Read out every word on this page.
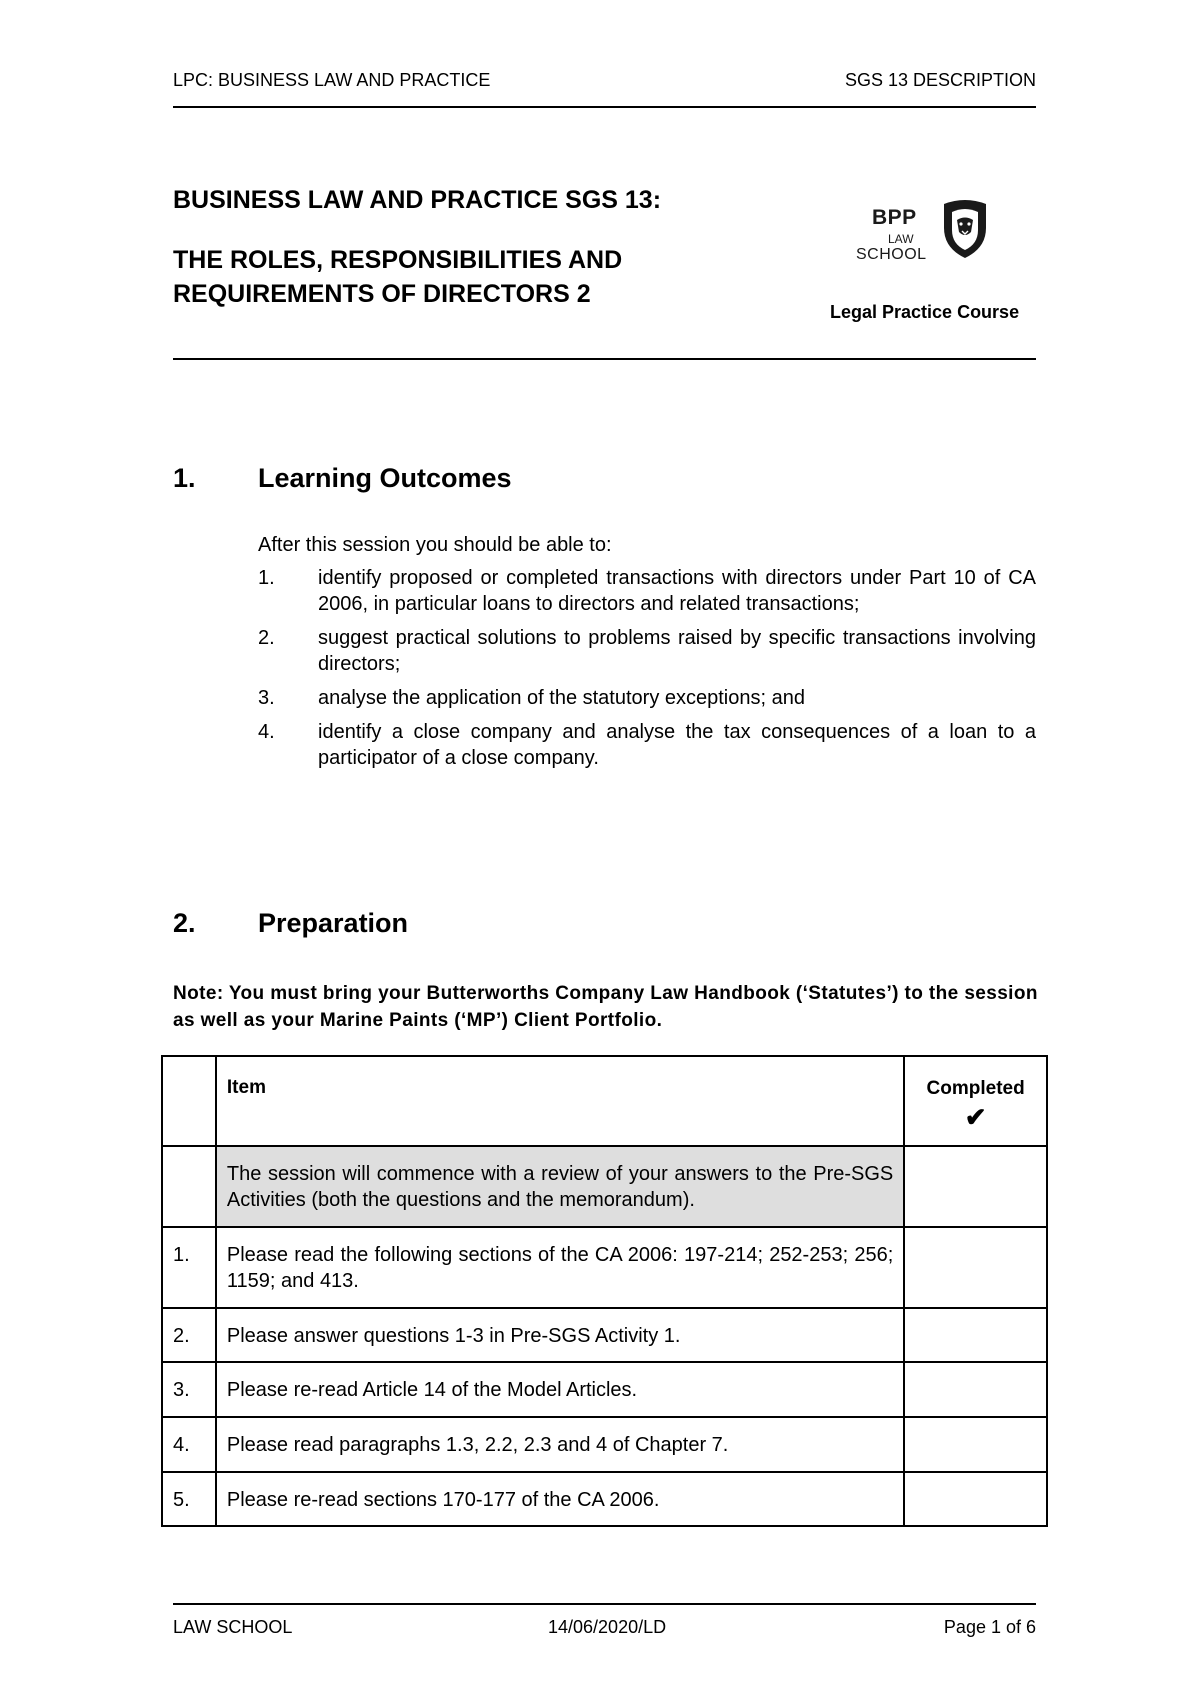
LPC: BUSINESS LAW AND PRACTICE	SGS 13 DESCRIPTION
BUSINESS LAW AND PRACTICE SGS 13:
THE ROLES, RESPONSIBILITIES AND REQUIREMENTS OF DIRECTORS 2
BPP
LAW
SCHOOL
Legal Practice Course
1. Learning Outcomes
After this session you should be able to:
1.	identify proposed or completed transactions with directors under Part 10 of CA 2006, in particular loans to directors and related transactions;
2.	suggest practical solutions to problems raised by specific transactions involving directors;
3.	analyse the application of the statutory exceptions; and
4.	identify a close company and analyse the tax consequences of a loan to a participator of a close company.
2. Preparation
Note: You must bring your Butterworths Company Law Handbook (‘Statutes’) to the session as well as your Marine Paints (‘MP’) Client Portfolio.

	Item	Completed
✔

	The session will commence with a review of your answers to the Pre-SGS Activities (both the questions and the memorandum).	

1.	Please read the following sections of the CA 2006: 197-214; 252-253; 256; 1159; and 413.	

2.	Please answer questions 1-3 in Pre-SGS Activity 1.	

3.	Please re-read Article 14 of the Model Articles.	

4.	Please read paragraphs 1.3, 2.2, 2.3 and 4 of Chapter 7.	

5.	Please re-read sections 170-177 of the CA 2006.	

LAW SCHOOL	14/06/2020/LD	Page 1 of 6
